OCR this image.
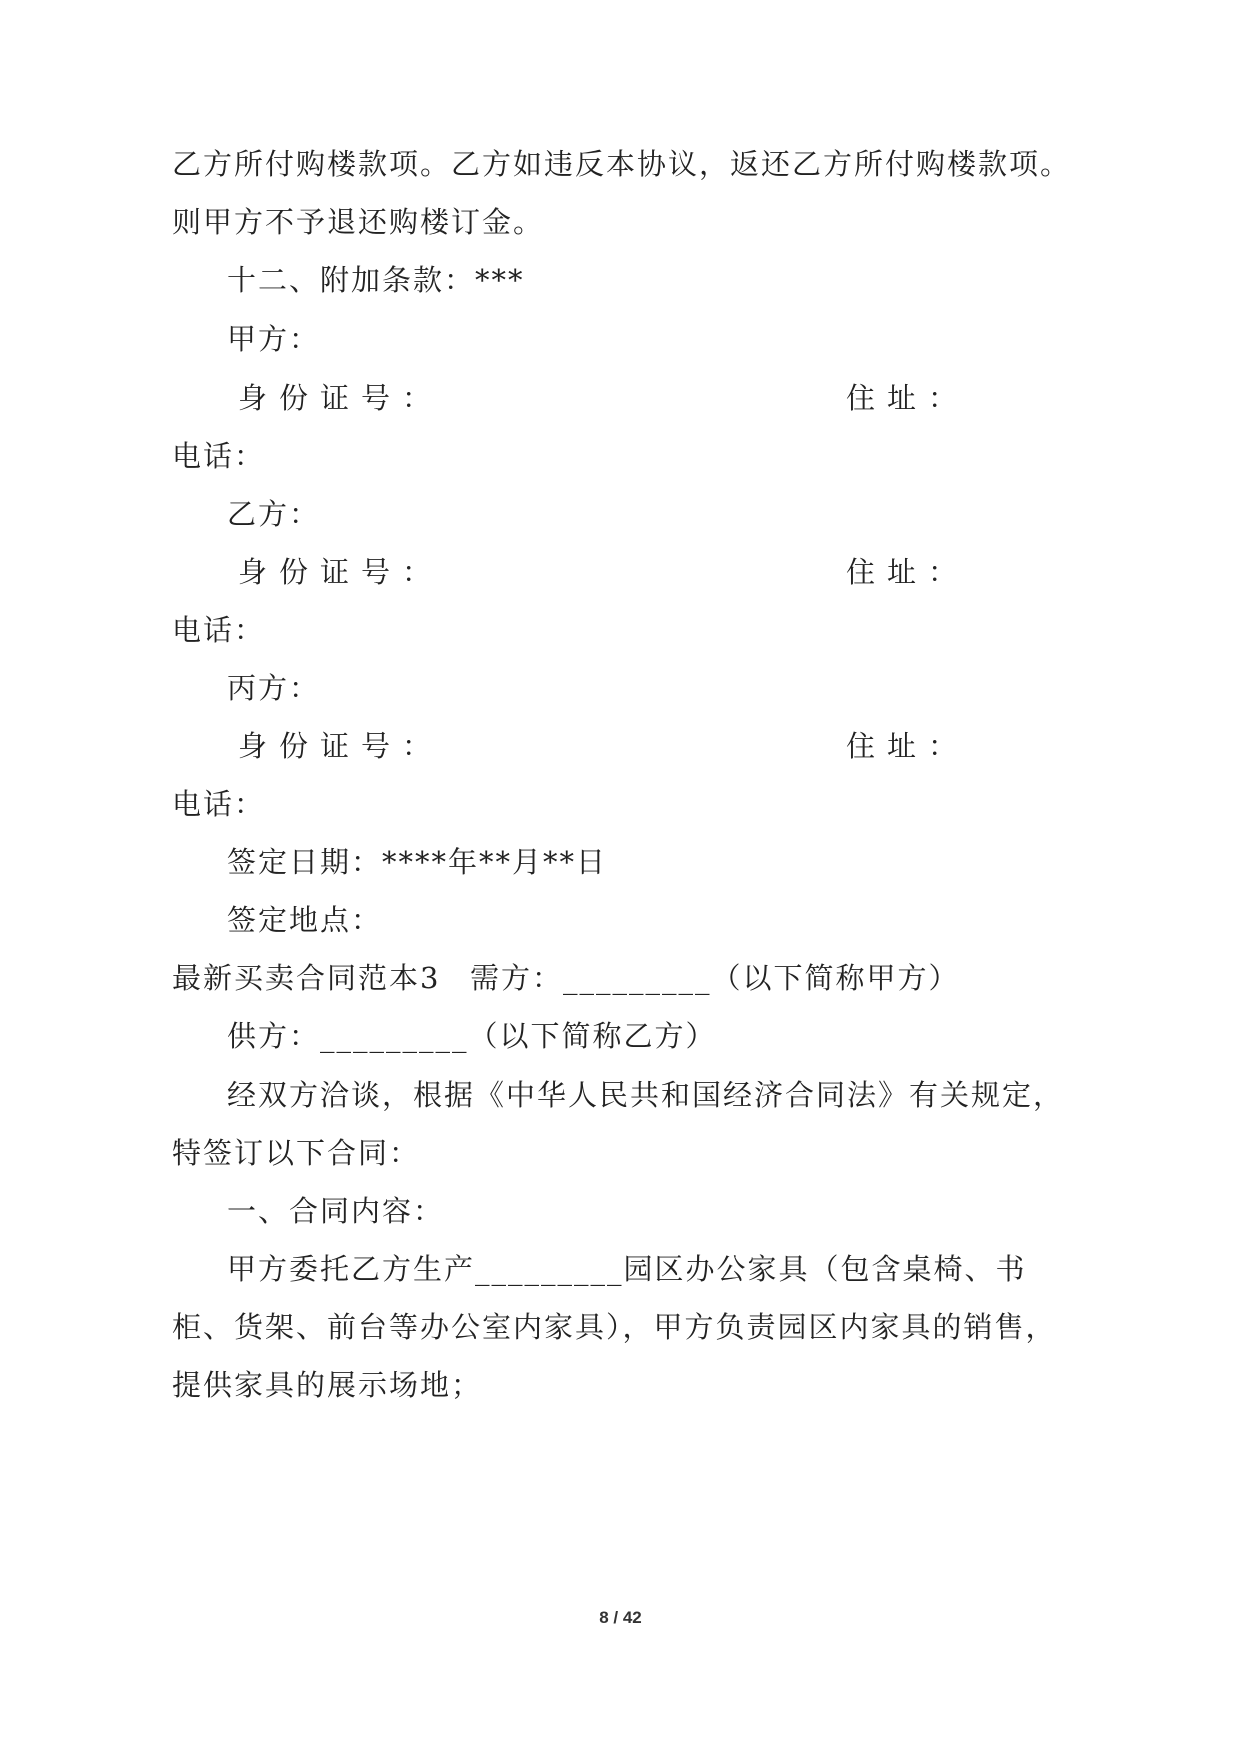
乙方所付购楼款项。乙方如违反本协议，返还乙方所付购楼款项。
则甲方不予退还购楼订金。
十二、附加条款：***
甲方：
身份证号：	住址：
电话：
乙方：
身份证号：	住址：
电话：
丙方：
身份证号：	住址：
电话：
签定日期：****年**月**日
签定地点：
最新买卖合同范本3 需方：_________（以下简称甲方）
供方：_________（以下简称乙方）
经双方洽谈，根据《中华人民共和国经济合同法》有关规定，
特签订以下合同：
一、合同内容：
甲方委托乙方生产_________园区办公家具（包含桌椅、书
柜、货架、前台等办公室内家具），甲方负责园区内家具的销售，
提供家具的展示场地；
8 / 42
